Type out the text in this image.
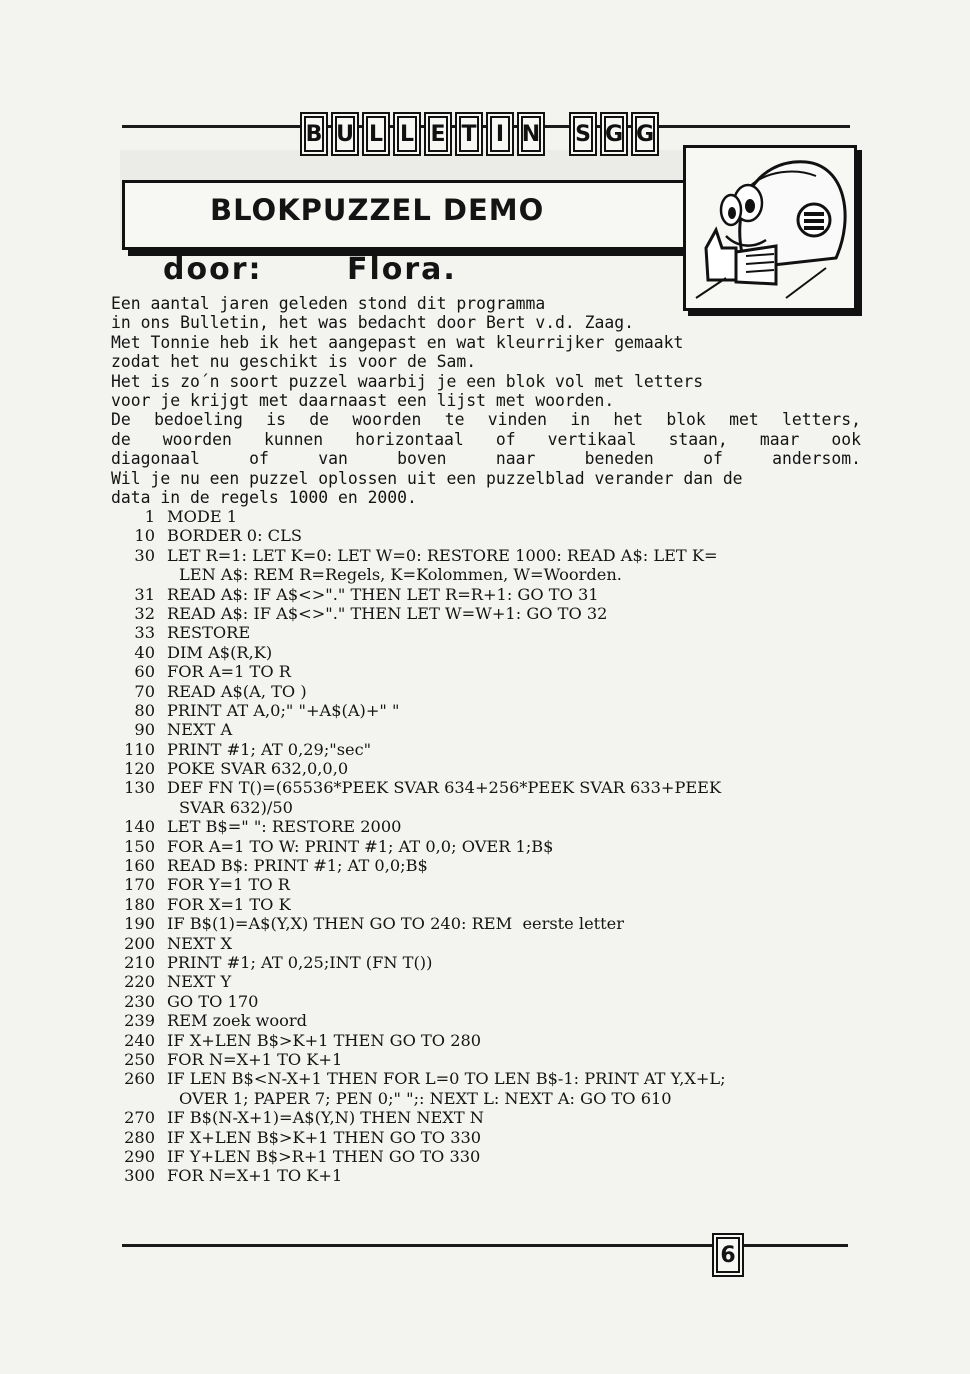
B U L L E T I N S G G
BLOKPUZZEL DEMO
door:	Flora.
Een aantal jaren geleden stond dit programma
in ons Bulletin, het was bedacht door Bert v.d. Zaag.
Met Tonnie heb ik het aangepast en wat kleurrijker gemaakt
zodat het nu geschikt is voor de Sam.
Het is zo´n soort puzzel waarbij je een blok vol met letters
voor je krijgt met daarnaast een lijst met woorden.
De bedoeling is de woorden te vinden in het blok met letters,
de woorden kunnen horizontaal of vertikaal staan, maar ook
diagonaal of van boven naar beneden of andersom.
Wil je nu een puzzel oplossen uit een puzzelblad verander dan de
data in de regels 1000 en 2000.
1 MODE 1
10 BORDER 0: CLS
30 LET R=1: LET K=0: LET W=0: RESTORE 1000: READ A$: LET K=
LEN A$: REM R=Regels, K=Kolommen, W=Woorden.
31 READ A$: IF A$<>"." THEN LET R=R+1: GO TO 31
32 READ A$: IF A$<>"." THEN LET W=W+1: GO TO 32
33 RESTORE
40 DIM A$(R,K)
60 FOR A=1 TO R
70 READ A$(A, TO )
80 PRINT AT A,0;" "+A$(A)+" "
90 NEXT A
110 PRINT #1; AT 0,29;"sec"
120 POKE SVAR 632,0,0,0
130 DEF FN T()=(65536*PEEK SVAR 634+256*PEEK SVAR 633+PEEK
SVAR 632)/50
140 LET B$=" ": RESTORE 2000
150 FOR A=1 TO W: PRINT #1; AT 0,0; OVER 1;B$
160 READ B$: PRINT #1; AT 0,0;B$
170 FOR Y=1 TO R
180 FOR X=1 TO K
190 IF B$(1)=A$(Y,X) THEN GO TO 240: REM  eerste letter
200 NEXT X
210 PRINT #1; AT 0,25;INT (FN T())
220 NEXT Y
230 GO TO 170
239 REM zoek woord
240 IF X+LEN B$>K+1 THEN GO TO 280
250 FOR N=X+1 TO K+1
260 IF LEN B$<N-X+1 THEN FOR L=0 TO LEN B$-1: PRINT AT Y,X+L;
OVER 1; PAPER 7; PEN 0;" ";: NEXT L: NEXT A: GO TO 610
270 IF B$(N-X+1)=A$(Y,N) THEN NEXT N
280 IF X+LEN B$>K+1 THEN GO TO 330
290 IF Y+LEN B$>R+1 THEN GO TO 330
300 FOR N=X+1 TO K+1
6
